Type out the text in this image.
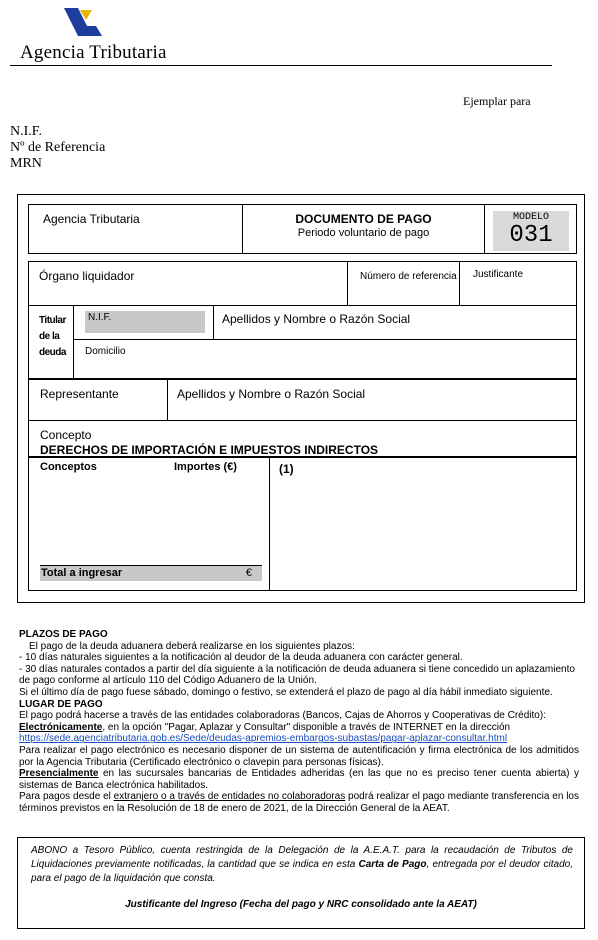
Agencia Tributaria
Ejemplar para
N.I.F.
Nº de Referencia
MRN
Agencia Tributaria	DOCUMENTO DE PAGO
Periodo voluntario de pago
MODELO
031
Órgano liquidador	Número de referencia Justificante
Titular de la deuda
N.I.F.	Apellidos y Nombre o Razón Social
Domicilio
Representante	Apellidos y Nombre o Razón Social
Concepto
DERECHOS DE IMPORTACIÓN E IMPUESTOS INDIRECTOS
Conceptos	Importes (€)	(1)
Total a ingresar	€

PLAZOS DE PAGO

El pago de la deuda aduanera deberá realizarse en los siguientes plazos:

- 10 días naturales siguientes a la notificación al deudor de la deuda aduanera con carácter general.

- 30 días naturales contados a partir del día siguiente a la notificación de deuda aduanera si tiene concedido un aplazamiento de pago conforme al artículo 110 del Código Aduanero de la Unión.

Si el último día de pago fuese sábado, domingo o festivo, se extenderá el plazo de pago al día hábil inmediato siguiente.

LUGAR DE PAGO

El pago podrá hacerse a través de las entidades colaboradoras (Bancos, Cajas de Ahorros y Cooperativas de Crédito):

Electrónicamente, en la opción "Pagar, Aplazar y Consultar" disponible a través de INTERNET en la dirección

https://sede.agenciatributaria.gob.es/Sede/deudas-apremios-embargos-subastas/pagar-aplazar-consultar.html

Para realizar el pago electrónico es necesario disponer de un sistema de autentificación y firma electrónica de los admitidos por la Agencia Tributaria (Certificado electrónico o clavepin para personas físicas).

Presencialmente en las sucursales bancarias de Entidades adheridas (en las que no es preciso tener cuenta abierta) y sistemas de Banca electrónica habilitados.

Para pagos desde el extranjero o a través de entidades no colaboradoras podrá realizar el pago mediante transferencia en los términos previstos en la Resolución de 18 de enero de 2021, de la Dirección General de la AEAT.

ABONO a Tesoro Público, cuenta restringida de la Delegación de la A.E.A.T. para la recaudación de Tributos de Liquidaciones previamente notificadas, la cantidad que se indica en esta Carta de Pago, entregada por el deudor citado, para el pago de la liquidación que consta.
Justificante del Ingreso (Fecha del pago y NRC consolidado ante la AEAT)
